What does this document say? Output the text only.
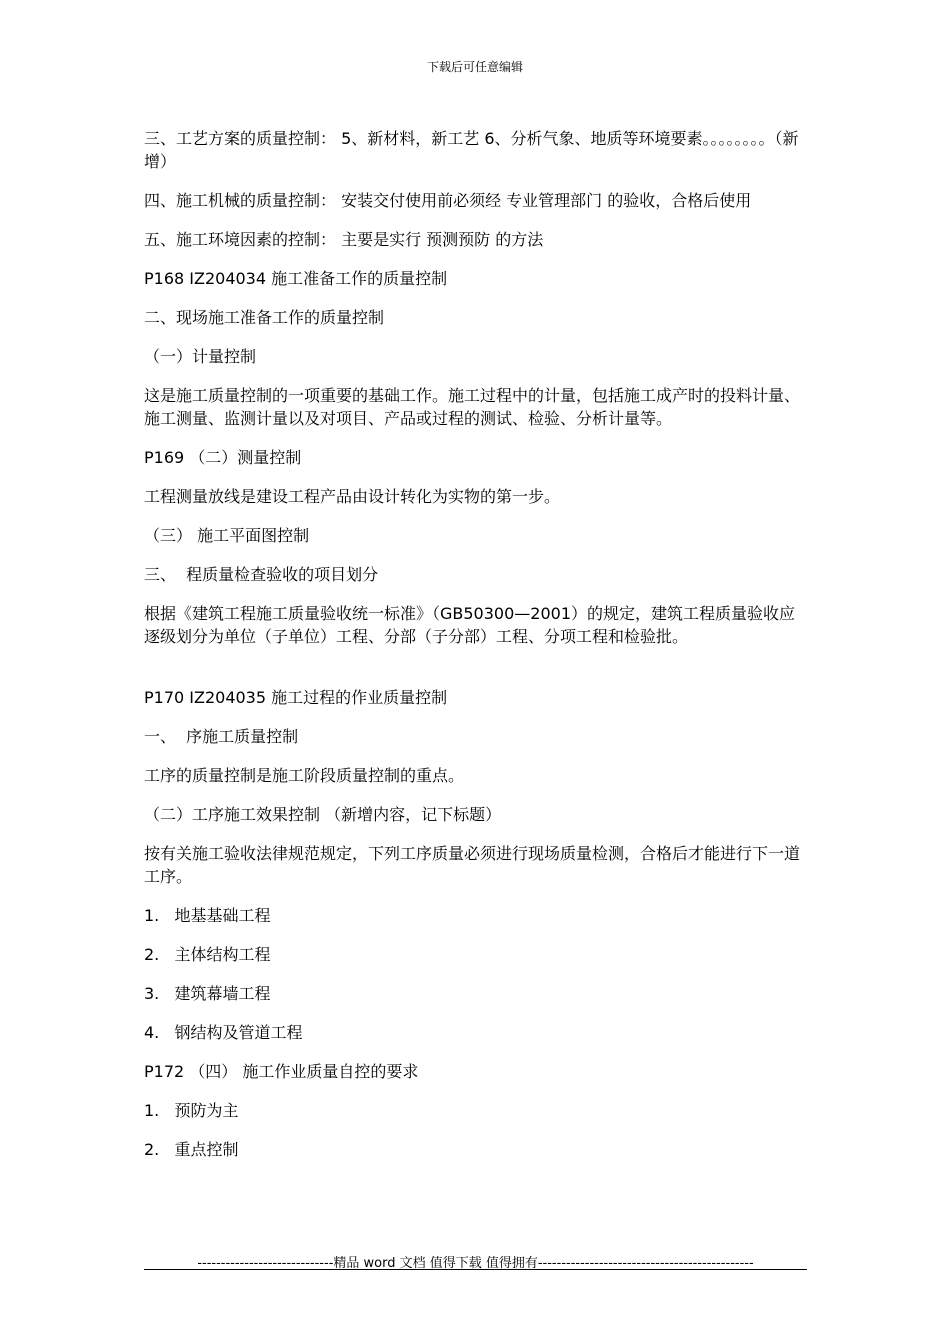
下载后可任意编辑

三、工艺方案的质量控制： 5、新材料，新工艺 6、分析气象、地质等环境要素。。。。。。。。（新增）

四、施工机械的质量控制： 安装交付使用前必须经 专业管理部门 的验收，合格后使用

五、施工环境因素的控制： 主要是实行 预测预防 的方法

P168 IZ204034 施工准备工作的质量控制

二、现场施工准备工作的质量控制

（一）计量控制

这是施工质量控制的一项重要的基础工作。施工过程中的计量，包括施工成产时的投料计量、施工测量、监测计量以及对项目、产品或过程的测试、检验、分析计量等。

P169 （二）测量控制

工程测量放线是建设工程产品由设计转化为实物的第一步。

（三） 施工平面图控制

三、  程质量检查验收的项目划分

根据《建筑工程施工质量验收统一标准》（GB50300—2001）的规定，建筑工程质量验收应逐级划分为单位（子单位）工程、分部（子分部）工程、分项工程和检验批。

P170 IZ204035 施工过程的作业质量控制

一、  序施工质量控制

工序的质量控制是施工阶段质量控制的重点。

（二）工序施工效果控制 （新增内容，记下标题）

按有关施工验收法律规范规定，下列工序质量必须进行现场质量检测，合格后才能进行下一道工序。

1.   地基基础工程

2.   主体结构工程

3.   建筑幕墙工程

4.   钢结构及管道工程

P172 （四） 施工作业质量自控的要求

1.   预防为主

2.   重点控制

-----------------------------精品 word 文档 值得下载 值得拥有----------------------------------------------
